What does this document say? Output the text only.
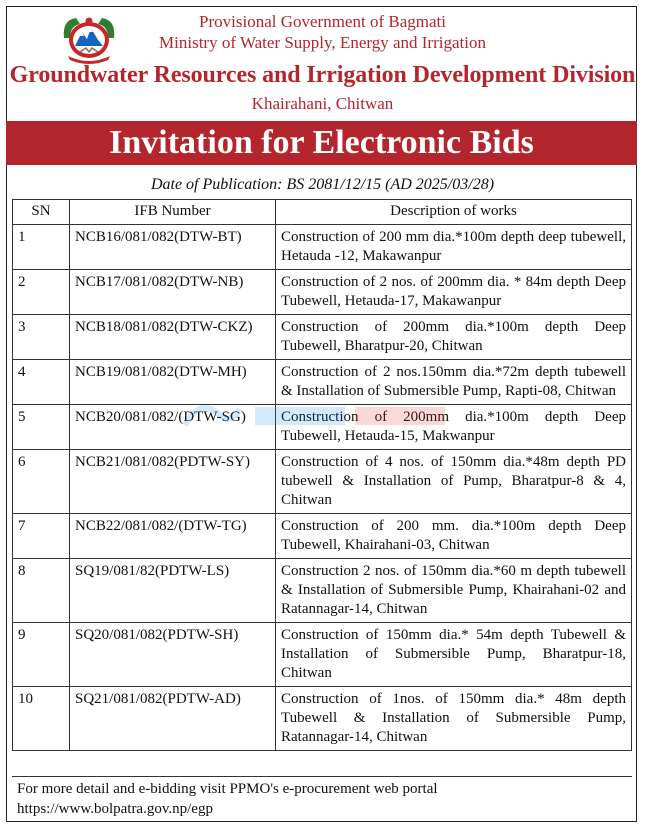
Provisional Government of Bagmati
Ministry of Water Supply, Energy and Irrigation
Groundwater Resources and Irrigation Development Division
Khairahani, Chitwan
Invitation for Electronic Bids
Date of Publication: BS 2081/12/15 (AD 2025/03/28)
SN	IFB Number	Description of works
1	NCB16/081/082(DTW-BT)	Construction of 200 mm dia.*100m depth deep tubewell, Hetauda -12, Makawanpur
2	NCB17/081/082(DTW-NB)	Construction of 2 nos. of 200mm dia. * 84m depth Deep Tubewell, Hetauda-17, Makawanpur
3	NCB18/081/082(DTW-CKZ)	Construction of 200mm dia.*100m depth Deep Tubewell, Bharatpur-20, Chitwan
4	NCB19/081/082(DTW-MH)	Construction of 2 nos.150mm dia.*72m depth tubewell & Installation of Submersible Pump, Rapti-08, Chitwan
5	NCB20/081/082/(DTW-SG)	Construction of 200mm dia.*100m depth Deep Tubewell, Hetauda-15, Makwanpur
6	NCB21/081/082(PDTW-SY)	Construction of 4 nos. of 150mm dia.*48m depth PD tubewell & Installation of Pump, Bharatpur-8 & 4, Chitwan
7	NCB22/081/082/(DTW-TG)	Construction of 200 mm. dia.*100m depth Deep Tubewell, Khairahani-03, Chitwan
8	SQ19/081/82(PDTW-LS)	Construction 2 nos. of 150mm dia.*60 m depth tubewell & Installation of Submersible Pump, Khairahani-02 and Ratannagar-14, Chitwan
9	SQ20/081/082(PDTW-SH)	Construction of 150mm dia.* 54m depth Tubewell & Installation of Submersible Pump, Bharatpur-18, Chitwan
10	SQ21/081/082(PDTW-AD)	Construction of 1nos. of 150mm dia.* 48m depth Tubewell & Installation of Submersible Pump, Ratannagar-14, Chitwan
For more detail and e-bidding visit PPMO's e-procurement web portal https://www.bolpatra.gov.np/egp
